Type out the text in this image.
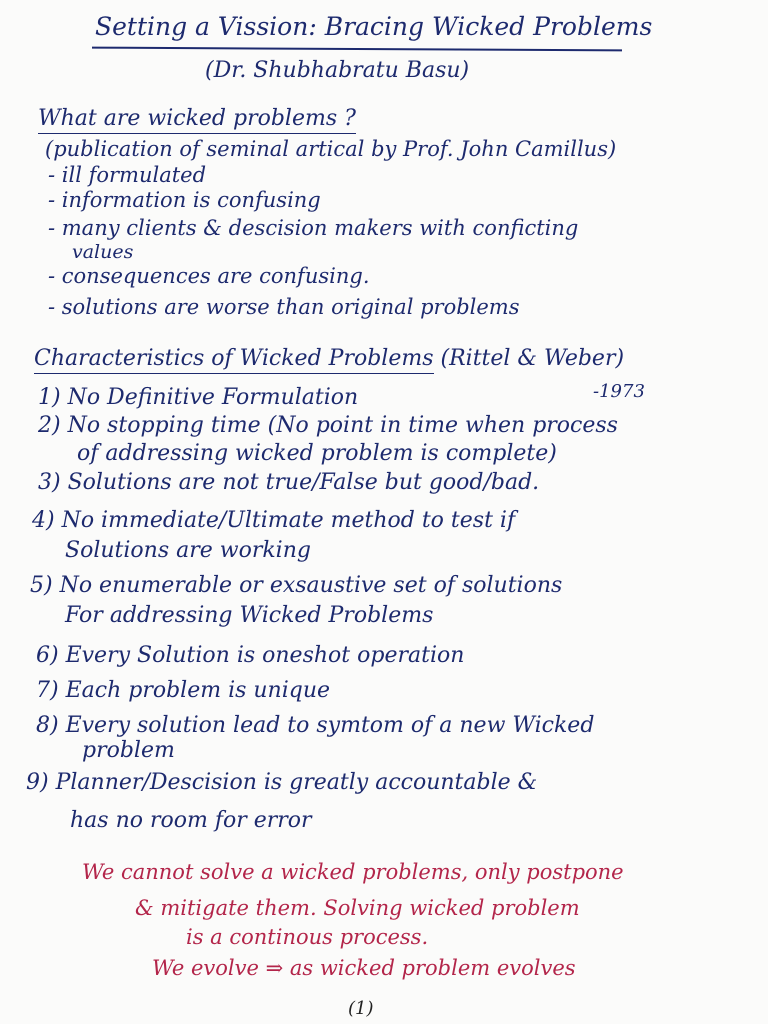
Setting a Vission: Bracing Wicked Problems
(Dr. Shubhabratu Basu)
What are wicked problems ?
(publication of seminal artical by Prof. John Camillus)
- ill formulated
- information is confusing
- many clients & descision makers with conficting
values
- consequences are confusing.
- solutions are worse than original problems
Characteristics of Wicked Problems (Rittel & Weber)
-1973
1) No Definitive Formulation
2) No stopping time (No point in time when process
of addressing wicked problem is complete)
3) Solutions are not true/False but good/bad.
4) No immediate/Ultimate method to test if
Solutions are working
5) No enumerable or exsaustive set of solutions
For addressing Wicked Problems
6) Every Solution is oneshot operation
7) Each problem is unique
8) Every solution lead to symtom of a new Wicked
problem
9) Planner/Descision is greatly accountable &
has no room for error
We cannot solve a wicked problems, only postpone
& mitigate them. Solving wicked problem
is a continous process.
We evolve ⇒ as wicked problem evolves
(1)
